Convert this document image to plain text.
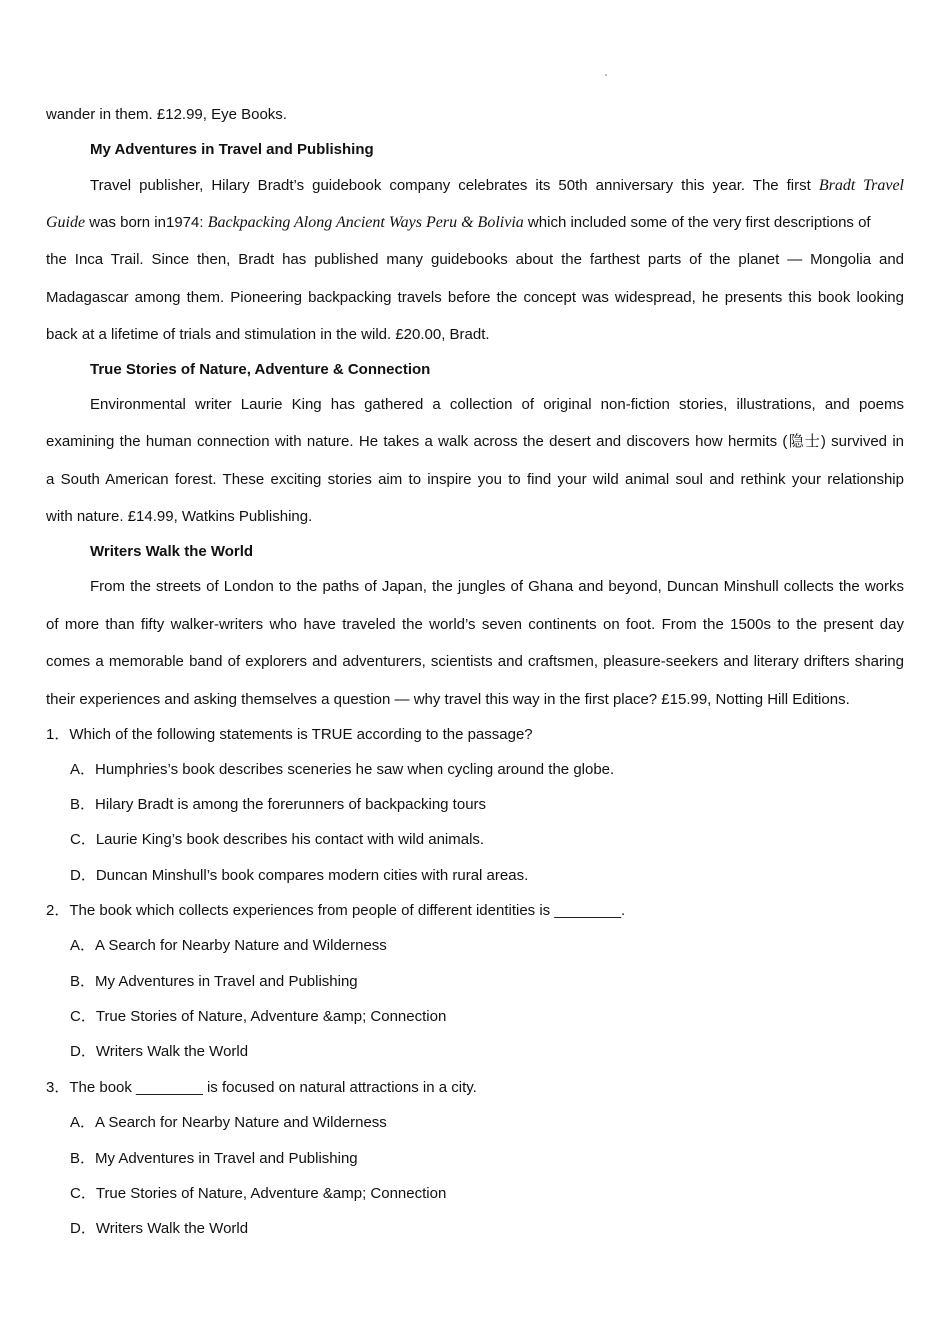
wander in them. £12.99, Eye Books.
My Adventures in Travel and Publishing
Travel publisher, Hilary Bradt’s guidebook company celebrates its 50th anniversary this year. The first Bradt Travel
Guide was born in1974: Backpacking Along Ancient Ways Peru & Bolivia which included some of the very first descriptions of
the Inca Trail. Since then, Bradt has published many guidebooks about the farthest parts of the planet — Mongolia and
Madagascar among them. Pioneering backpacking travels before the concept was widespread, he presents this book looking
back at a lifetime of trials and stimulation in the wild. £20.00, Bradt.
True Stories of Nature, Adventure & Connection
Environmental writer Laurie King has gathered a collection of original non-fiction stories, illustrations, and poems
examining the human connection with nature. He takes a walk across the desert and discovers how hermits (隐士) survived in
a South American forest. These exciting stories aim to inspire you to find your wild animal soul and rethink your relationship
with nature. £14.99, Watkins Publishing.
Writers Walk the World
From the streets of London to the paths of Japan, the jungles of Ghana and beyond, Duncan Minshull collects the works
of more than fifty walker-writers who have traveled the world’s seven continents on foot. From the 1500s to the present day
comes a memorable band of explorers and adventurers, scientists and craftsmen, pleasure-seekers and literary drifters sharing
their experiences and asking themselves a question — why travel this way in the first place? £15.99, Notting Hill Editions.
1．Which of the following statements is TRUE according to the passage?
A．Humphries’s book describes sceneries he saw when cycling around the globe.
B．Hilary Bradt is among the forerunners of backpacking tours
C．Laurie King’s book describes his contact with wild animals.
D．Duncan Minshull’s book compares modern cities with rural areas.
2．The book which collects experiences from people of different identities is ________.
A．A Search for Nearby Nature and Wilderness
B．My Adventures in Travel and Publishing
C．True Stories of Nature, Adventure &amp; Connection
D．Writers Walk the World
3．The book ________ is focused on natural attractions in a city.
A．A Search for Nearby Nature and Wilderness
B．My Adventures in Travel and Publishing
C．True Stories of Nature, Adventure &amp; Connection
D．Writers Walk the World
